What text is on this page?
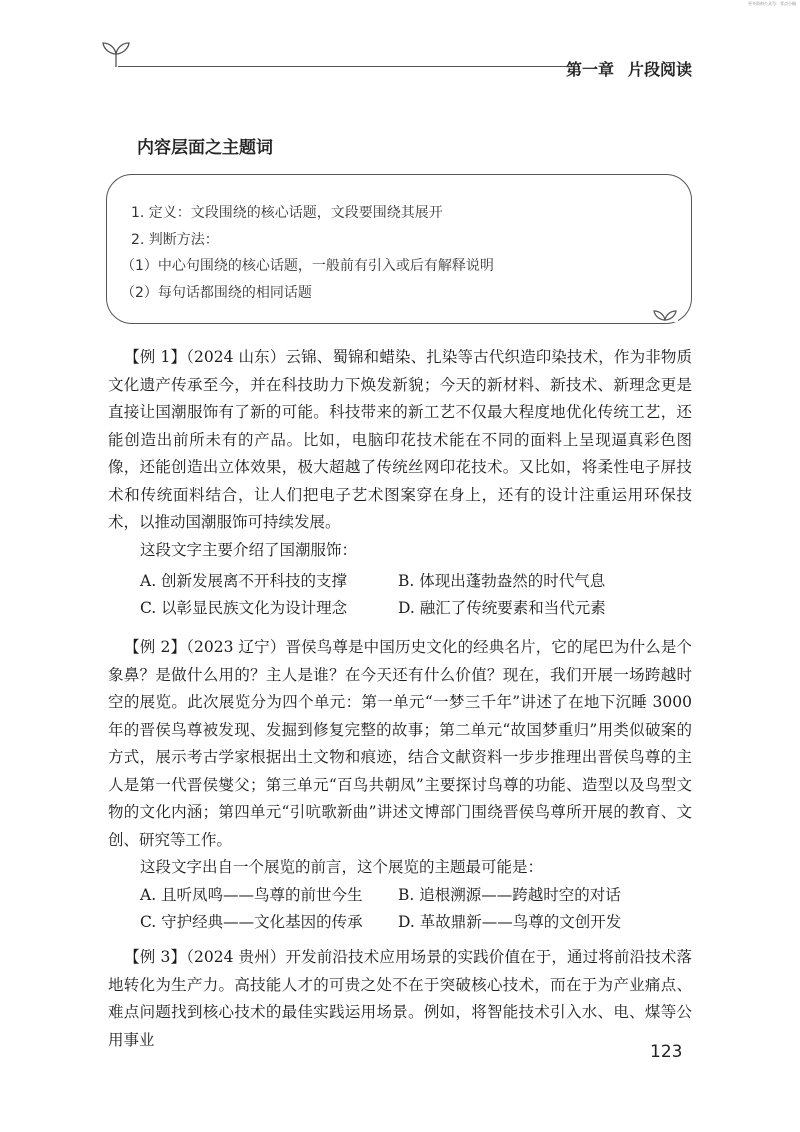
更多资料公众号：零点小镇
第一章 片段阅读
内容层面之主题词
1. 定义：文段围绕的核心话题，文段要围绕其展开
2. 判断方法：
（1）中心句围绕的核心话题，一般前有引入或后有解释说明
（2）每句话都围绕的相同话题

【例 1】（2024 山东）云锦、蜀锦和蜡染、扎染等古代织造印染技术，作为非物质文化遗产传承至今，并在科技助力下焕发新貌；今天的新材料、新技术、新理念更是直接让国潮服饰有了新的可能。科技带来的新工艺不仅最大程度地优化传统工艺，还能创造出前所未有的产品。比如，电脑印花技术能在不同的面料上呈现逼真彩色图像，还能创造出立体效果，极大超越了传统丝网印花技术。又比如，将柔性电子屏技术和传统面料结合，让人们把电子艺术图案穿在身上，还有的设计注重运用环保技术，以推动国潮服饰可持续发展。

这段文字主要介绍了国潮服饰：

A. 创新发展离不开科技的支撑	B. 体现出蓬勃盎然的时代气息
C. 以彰显民族文化为设计理念	D. 融汇了传统要素和当代元素

【例 2】（2023 辽宁）晋侯鸟尊是中国历史文化的经典名片，它的尾巴为什么是个象鼻？是做什么用的？主人是谁？在今天还有什么价值？现在，我们开展一场跨越时空的展览。此次展览分为四个单元：第一单元“一梦三千年”讲述了在地下沉睡 3000 年的晋侯鸟尊被发现、发掘到修复完整的故事；第二单元“故国梦重归”用类似破案的方式，展示考古学家根据出土文物和痕迹，结合文献资料一步步推理出晋侯鸟尊的主人是第一代晋侯燮父；第三单元“百鸟共朝凤”主要探讨鸟尊的功能、造型以及鸟型文物的文化内涵；第四单元“引吭歌新曲”讲述文博部门围绕晋侯鸟尊所开展的教育、文创、研究等工作。

这段文字出自一个展览的前言，这个展览的主题最可能是：

A. 且听凤鸣——鸟尊的前世今生 B. 追根溯源——跨越时空的对话
C. 守护经典——文化基因的传承 D. 革故鼎新——鸟尊的文创开发

【例 3】（2024 贵州）开发前沿技术应用场景的实践价值在于，通过将前沿技术落地转化为生产力。高技能人才的可贵之处不在于突破核心技术，而在于为产业痛点、难点问题找到核心技术的最佳实践运用场景。例如，将智能技术引入水、电、煤等公用事业

123
